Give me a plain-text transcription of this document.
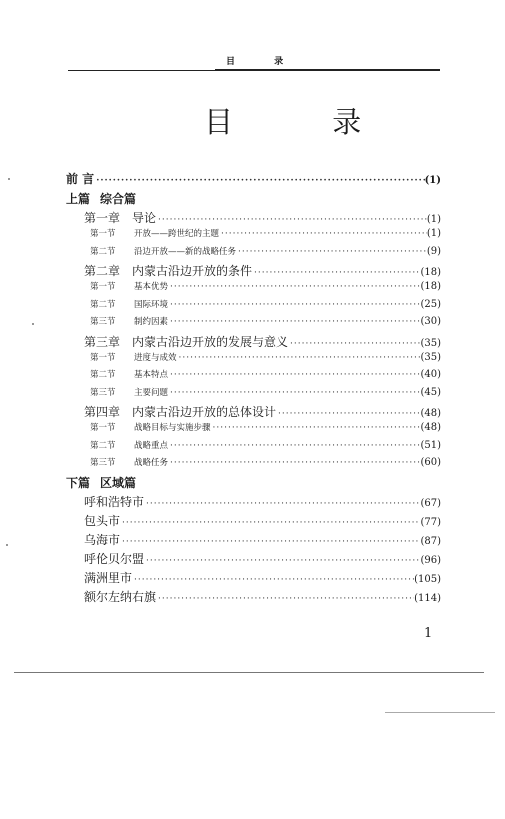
目 录
目 录
前 言 ·····	(1)
上篇 综合篇
第一章 导论 ·····	(1)
第一节 开放——跨世纪的主题 ·····	(1)
第二节 沿边开放——新的战略任务 ·····	(9)
第二章 内蒙古沿边开放的条件 ·····	(18)
第一节 基本优势 ·····	(18)
第二节 国际环境 ·····	(25)
第三节 制约因素 ·····	(30)
第三章 内蒙古沿边开放的发展与意义 ·····	(35)
第一节 进度与成效 ·····	(35)
第二节 基本特点 ·····	(40)
第三节 主要问题 ·····	(45)
第四章 内蒙古沿边开放的总体设计 ·····	(48)
第一节 战略目标与实施步骤 ·····	(48)
第二节 战略重点 ·····	(51)
第三节 战略任务 ·····	(60)
下篇 区域篇
呼和浩特市 ·····	(67)
包头市 ·····	(77)
乌海市 ·····	(87)
呼伦贝尔盟 ·····	(96)
满洲里市 ·····	(105)
额尔左纳右旗 ·····	(114)
1
